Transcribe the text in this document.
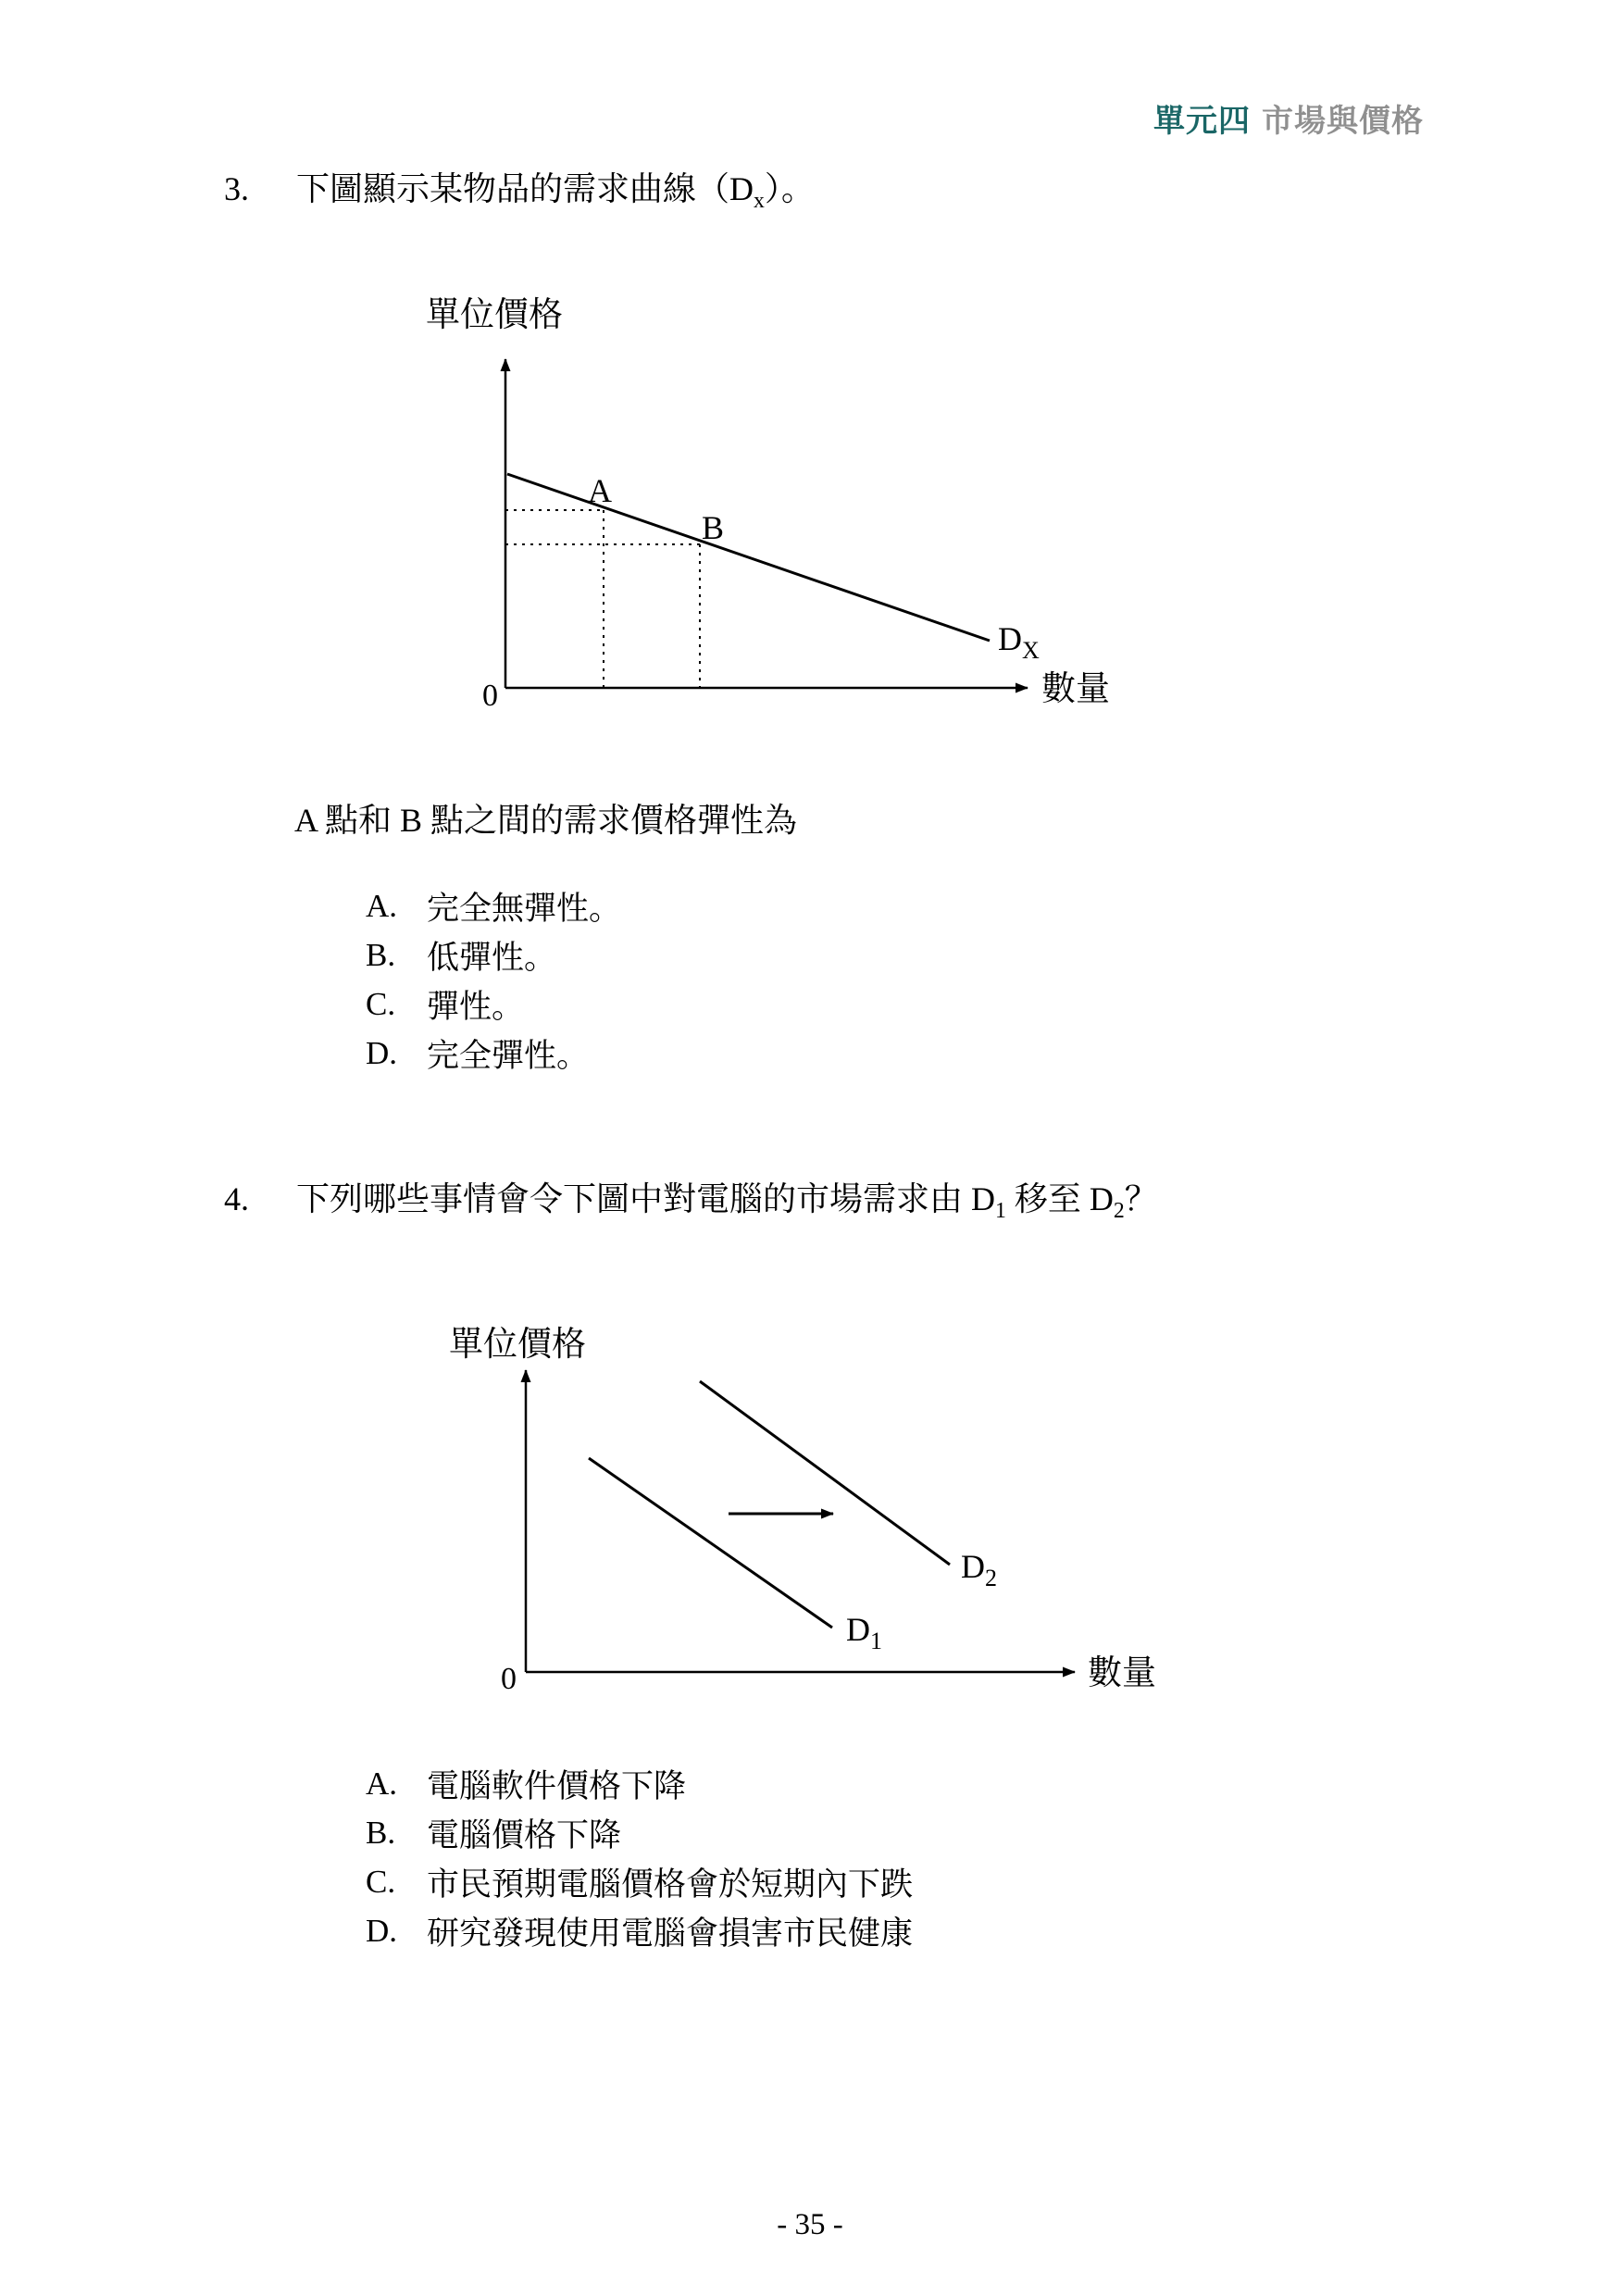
單元四 市場與價格
3.	下圖顯示某物品的需求曲線$(D_x)$。
單位價格
數量
0
A
B
$D_X$
A 點和 B 點之間的需求價格彈性為
A. 完全無彈性。
B. 低彈性。
C. 彈性。
D. 完全彈性。
4.	下列哪些事情會令下圖中對電腦的市場需求由 $D_1$ 移至 $D_2$？
單位價格
數量
0
$D_1$
$D_2$
A. 電腦軟件價格下降
B. 電腦價格下降
C. 市民預期電腦價格會於短期內下跌
D. 研究發現使用電腦會損害市民健康
- 35 -
